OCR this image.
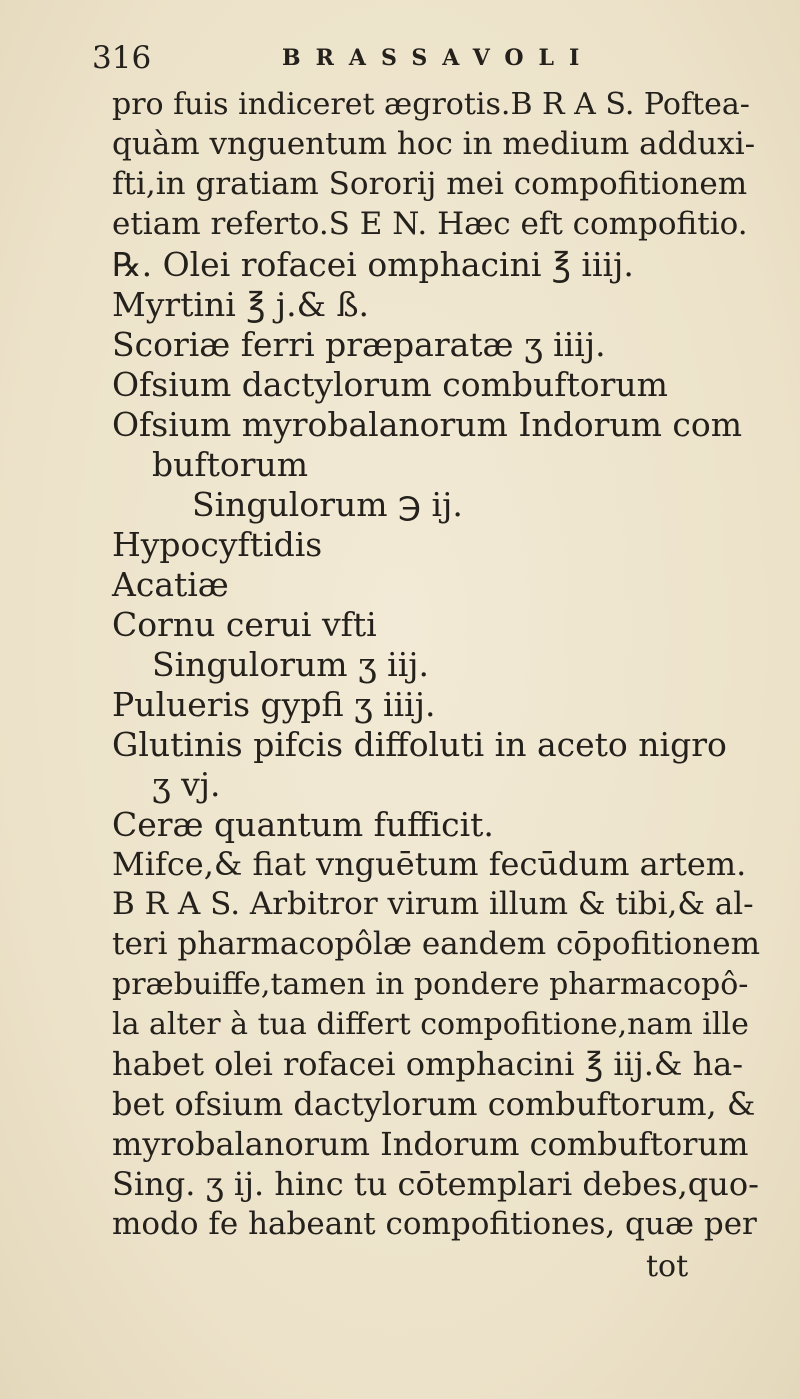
316	BRASSAVOLI
pro fuis indiceret ægrotis.B R A S. Poftea-
quàm vnguentum hoc in medium adduxi-
fti,in gratiam Sororij mei compofitionem
etiam referto.S E N. Hæc eft compofitio.
℞. Olei rofacei omphacini ℥ iiij.
Myrtini ℥ j.& ß.
Scoriæ ferri præparatæ ʒ iiij.
Ofsium dactylorum combuftorum
Ofsium myrobalanorum Indorum com
buftorum
Singulorum ℈ ij.
Hypocyftidis
Acatiæ
Cornu cerui vfti
Singulorum ʒ iij.
Pulueris gypfi ʒ iiij.
Glutinis pifcis diffoluti in aceto nigro
ʒ vj.
Ceræ quantum fufficit.
Mifce,& fiat vnguētum fecūdum artem.
B R A S. Arbitror virum illum & tibi,& al-
teri pharmacopôlæ eandem cōpofitionem
præbuiffe,tamen in pondere pharmacopô-
la alter à tua differt compofitione,nam ille
habet olei rofacei omphacini ℥ iij.& ha-
bet ofsium dactylorum combuftorum, &
myrobalanorum Indorum combuftorum
Sing. ʒ ij. hinc tu cōtemplari debes,quo-
modo fe habeant compofitiones, quæ per
tot
